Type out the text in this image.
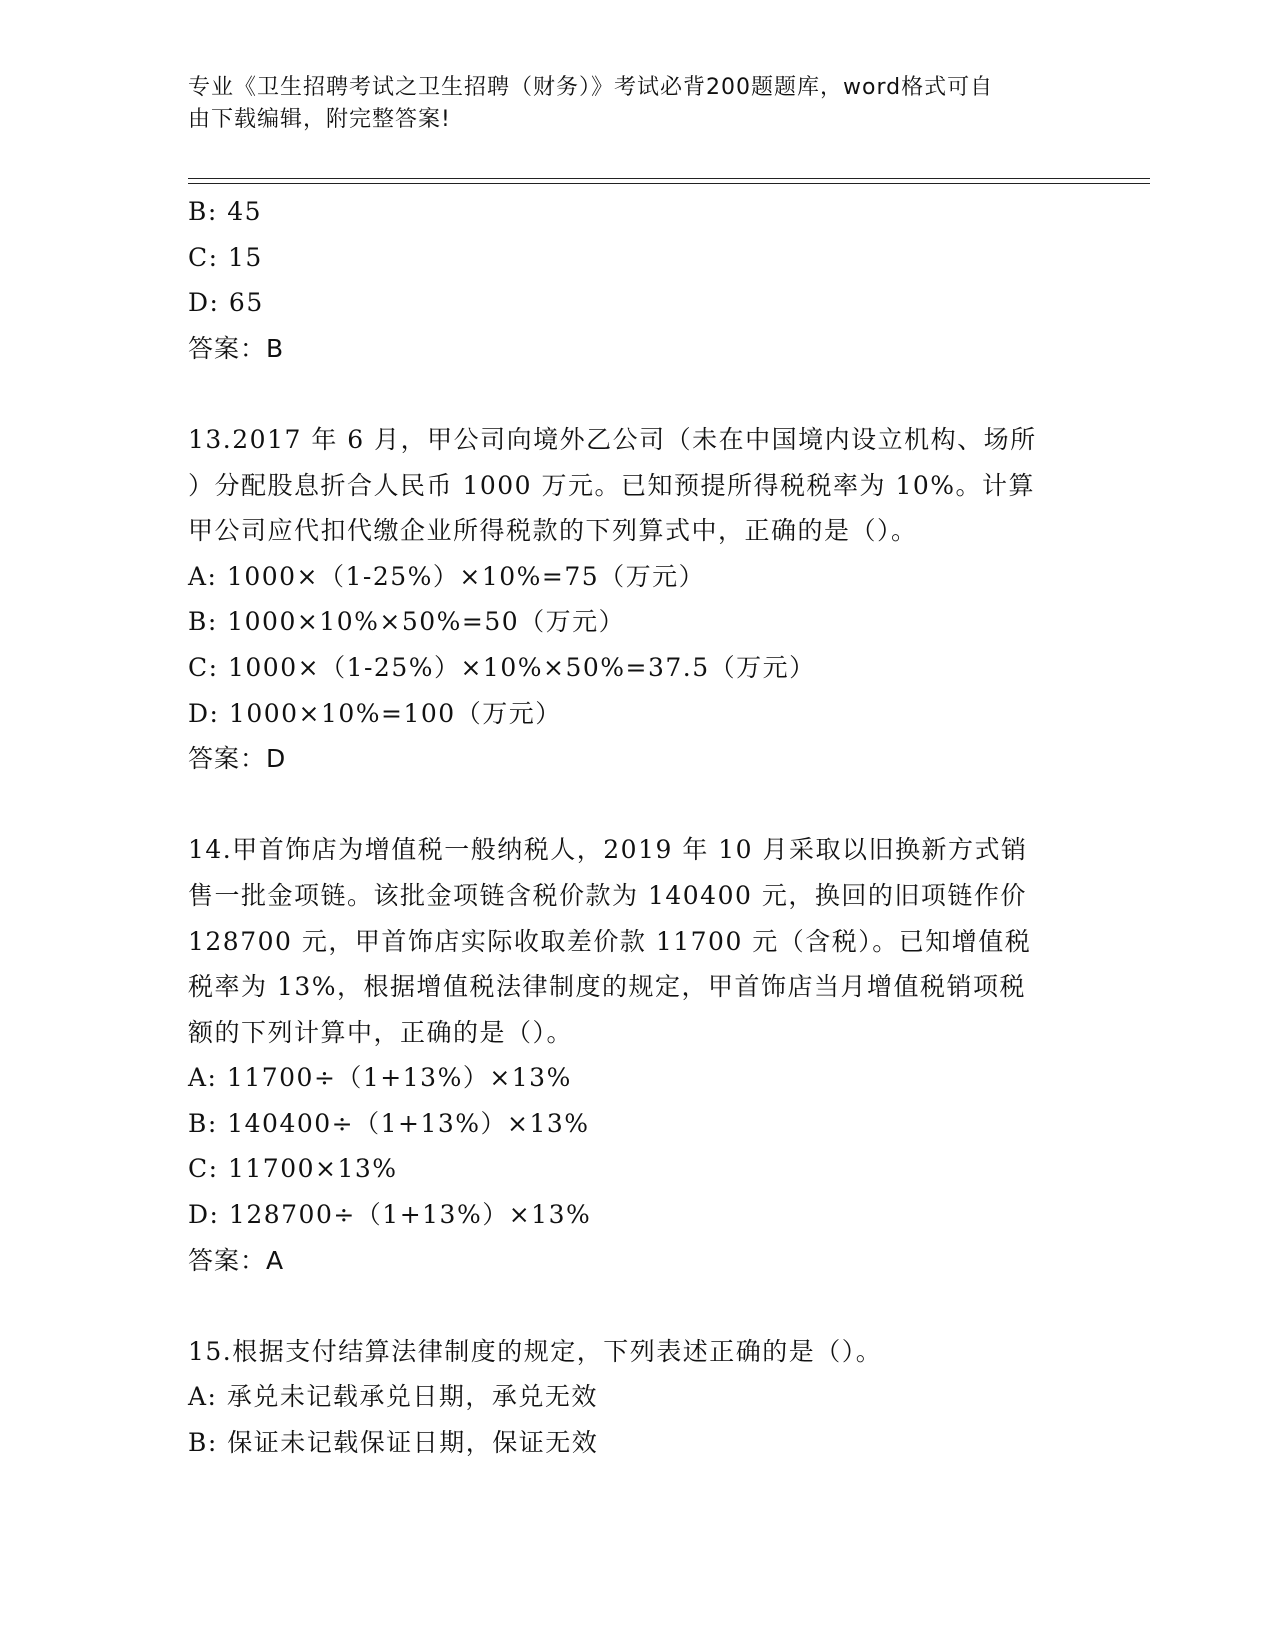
专业《卫生招聘考试之卫生招聘（财务）》考试必背200题题库，word格式可自
由下载编辑，附完整答案!
B: 45
C: 15
D: 65
答案：B
13.2017 年 6 月，甲公司向境外乙公司（未在中国境内设立机构、场所
）分配股息折合人民币 1000 万元。已知预提所得税税率为 10%。计算
甲公司应代扣代缴企业所得税款的下列算式中，正确的是（）。
A: 1000×（1-25%）×10%=75（万元）
B: 1000×10%×50%=50（万元）
C: 1000×（1-25%）×10%×50%=37.5（万元）
D: 1000×10%=100（万元）
答案：D
14.甲首饰店为增值税一般纳税人，2019 年 10 月采取以旧换新方式销
售一批金项链。该批金项链含税价款为 140400 元，换回的旧项链作价
128700 元，甲首饰店实际收取差价款 11700 元（含税）。已知增值税
税率为 13%，根据增值税法律制度的规定，甲首饰店当月增值税销项税
额的下列计算中，正确的是（）。
A: 11700÷（1+13%）×13%
B: 140400÷（1+13%）×13%
C: 11700×13%
D: 128700÷（1+13%）×13%
答案：A
15.根据支付结算法律制度的规定，下列表述正确的是（）。
A: 承兑未记载承兑日期，承兑无效
B: 保证未记载保证日期，保证无效
